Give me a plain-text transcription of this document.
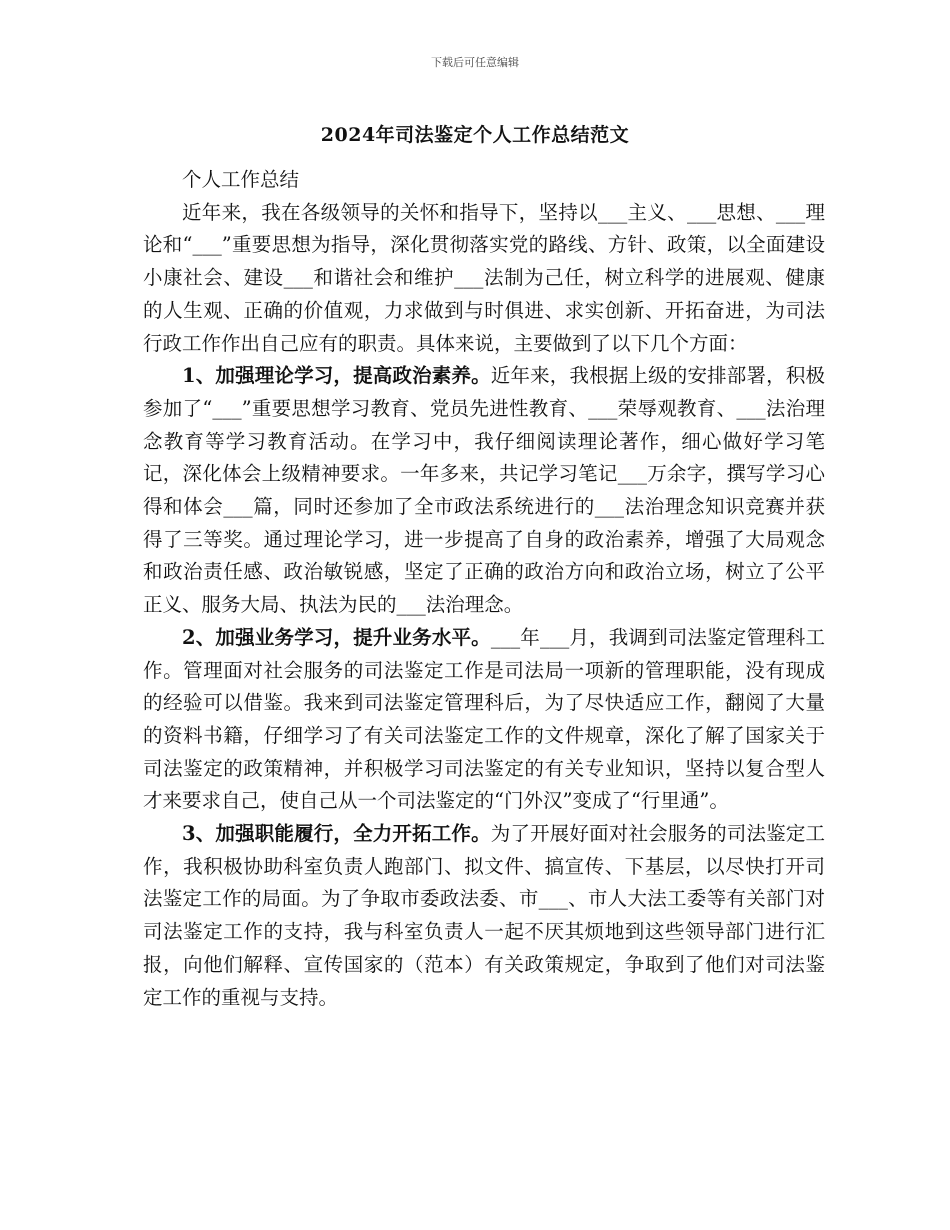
下载后可任意编辑
2024年司法鉴定个人工作总结范文

个人工作总结

近年来，我在各级领导的关怀和指导下，坚持以___主义、___思想、___理论和“___”重要思想为指导，深化贯彻落实党的路线、方针、政策，以全面建设小康社会、建设___和谐社会和维护___法制为己任，树立科学的进展观、健康的人生观、正确的价值观，力求做到与时俱进、求实创新、开拓奋进，为司法行政工作作出自己应有的职责。具体来说，主要做到了以下几个方面：

1、加强理论学习，提高政治素养。近年来，我根据上级的安排部署，积极参加了“___”重要思想学习教育、党员先进性教育、___荣辱观教育、___法治理念教育等学习教育活动。在学习中，我仔细阅读理论著作，细心做好学习笔记，深化体会上级精神要求。一年多来，共记学习笔记___万余字，撰写学习心得和体会___篇，同时还参加了全市政法系统进行的___法治理念知识竞赛并获得了三等奖。通过理论学习，进一步提高了自身的政治素养，增强了大局观念和政治责任感、政治敏锐感，坚定了正确的政治方向和政治立场，树立了公平正义、服务大局、执法为民的___法治理念。

2、加强业务学习，提升业务水平。___年___月，我调到司法鉴定管理科工作。管理面对社会服务的司法鉴定工作是司法局一项新的管理职能，没有现成的经验可以借鉴。我来到司法鉴定管理科后，为了尽快适应工作，翻阅了大量的资料书籍，仔细学习了有关司法鉴定工作的文件规章，深化了解了国家关于司法鉴定的政策精神，并积极学习司法鉴定的有关专业知识，坚持以复合型人才来要求自己，使自己从一个司法鉴定的“门外汉”变成了“行里通”。

3、加强职能履行，全力开拓工作。为了开展好面对社会服务的司法鉴定工作，我积极协助科室负责人跑部门、拟文件、搞宣传、下基层，以尽快打开司法鉴定工作的局面。为了争取市委政法委、市___、市人大法工委等有关部门对司法鉴定工作的支持，我与科室负责人一起不厌其烦地到这些领导部门进行汇报，向他们解释、宣传国家的（范本）有关政策规定，争取到了他们对司法鉴定工作的重视与支持。
